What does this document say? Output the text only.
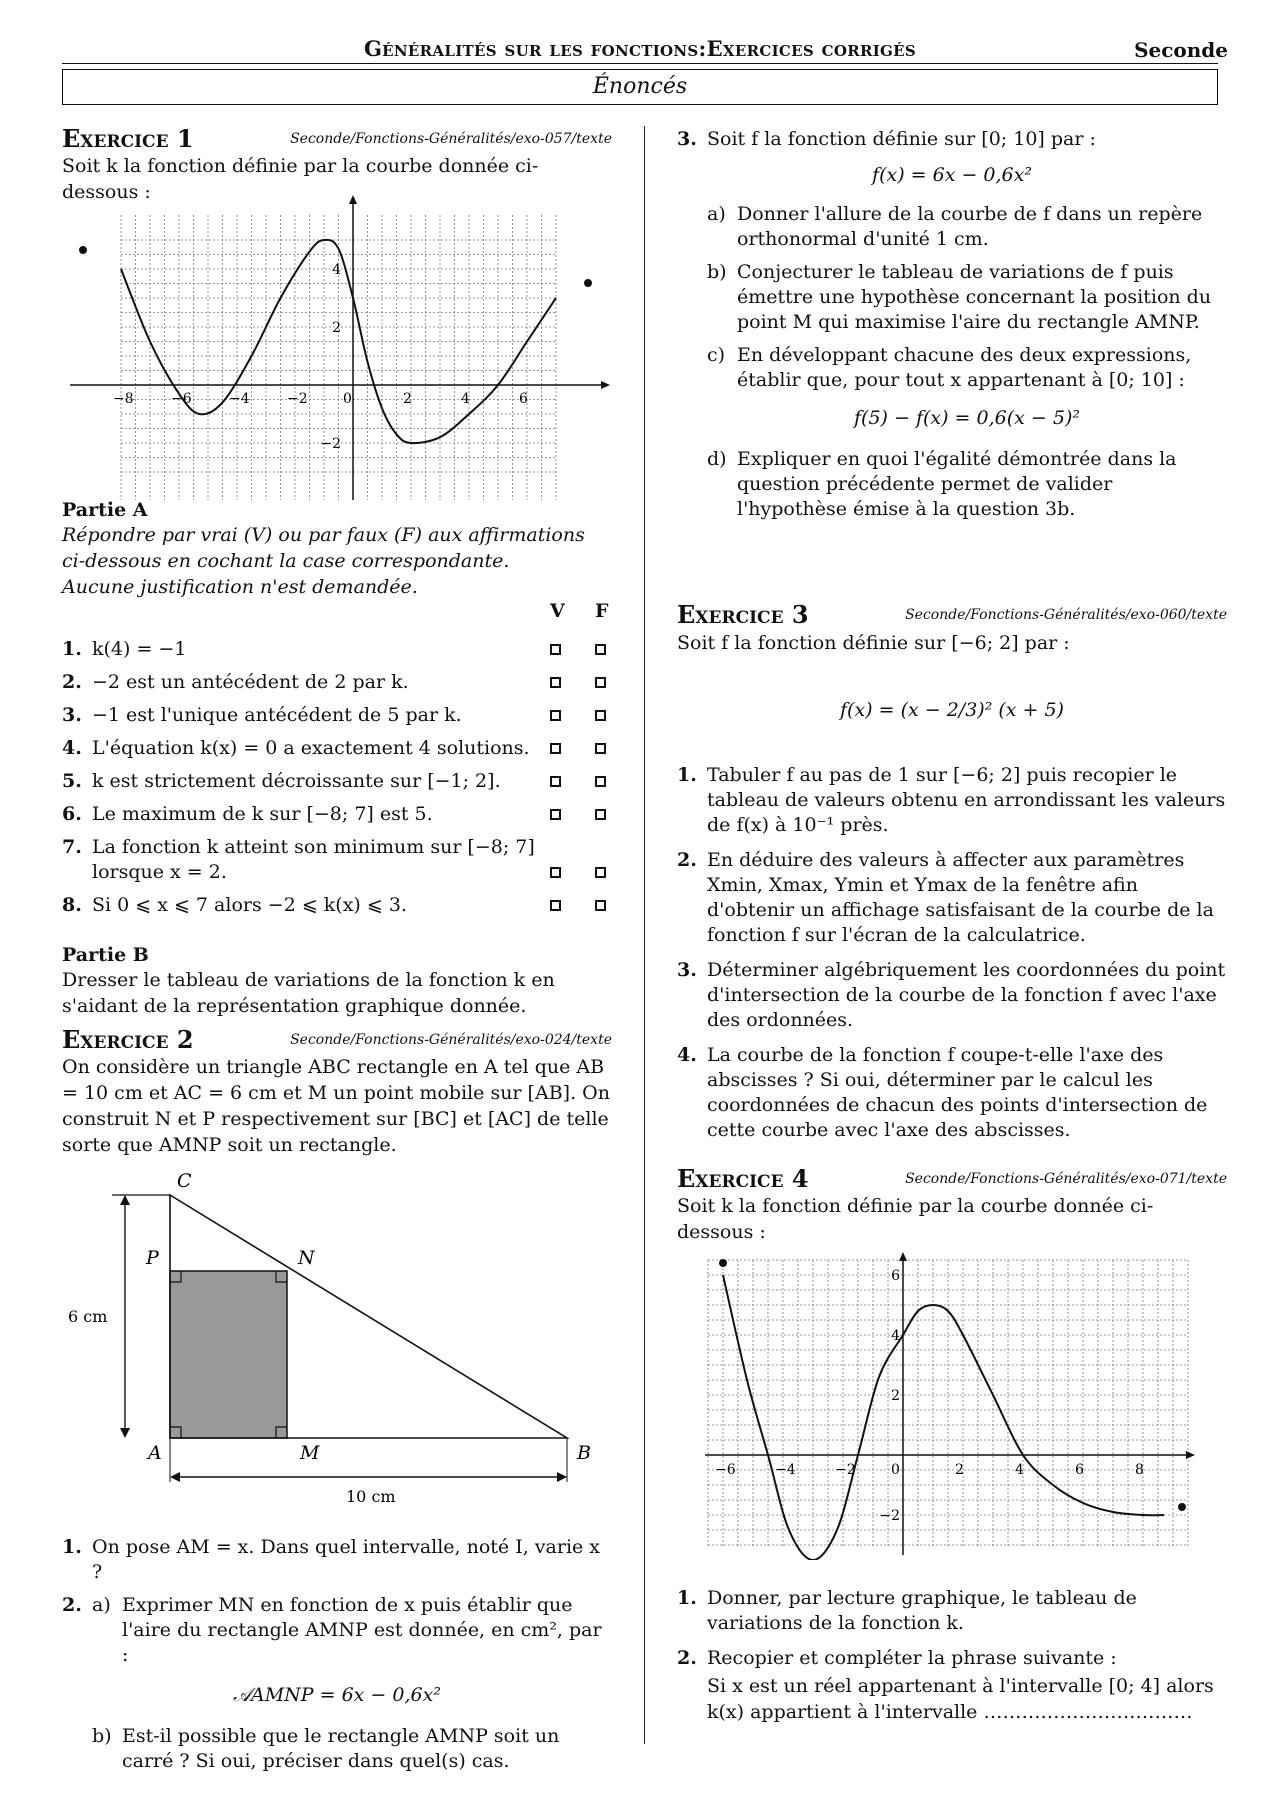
Généralités sur les fonctions:Exercices corrigés	Seconde
Énoncés
Exercice 1	Seconde/Fonctions-Généralités/exo-057/texte

Soit k la fonction définie par la courbe donnée ci-dessous :

−8	−6	−4	−2	0	2	4	6
4
2
−2

Partie A

Répondre par vrai (V) ou par faux (F) aux affirmations ci-dessous en cochant la case correspondante.

Aucune justification n'est demandée.

V F
1. k(4) = −1
2. −2 est un antécédent de 2 par k.
3. −1 est l'unique antécédent de 5 par k.
4. L'équation k(x) = 0 a exactement 4 solutions.
5. k est strictement décroissante sur [−1; 2].
6. Le maximum de k sur [−8; 7] est 5.
7. La fonction k atteint son minimum sur [−8; 7] lorsque x = 2.
8. Si 0 ⩽ x ⩽ 7 alors −2 ⩽ k(x) ⩽ 3.

Partie B

Dresser le tableau de variations de la fonction k en s'aidant de la représentation graphique donnée.

Exercice 2	Seconde/Fonctions-Généralités/exo-024/texte

On considère un triangle ABC rectangle en A tel que AB = 10 cm et AC = 6 cm et M un point mobile sur [AB]. On construit N et P respectivement sur [BC] et [AC] de telle sorte que AMNP soit un rectangle.

C
P	N
A	M	B
6 cm
10 cm
1. On pose AM = x. Dans quel intervalle, noté I, varie x ?
2. a) Exprimer MN en fonction de x puis établir que l'aire du rectangle AMNP est donnée, en cm², par :

𝒜AMNP = 6x − 0,6x²

b) Est-il possible que le rectangle AMNP soit un carré ? Si oui, préciser dans quel(s) cas.
3. Soit f la fonction définie sur [0; 10] par :

f(x) = 6x − 0,6x²

a) Donner l'allure de la courbe de f dans un repère orthonormal d'unité 1 cm.
b) Conjecturer le tableau de variations de f puis émettre une hypothèse concernant la position du point M qui maximise l'aire du rectangle AMNP.
c) En développant chacune des deux expressions, établir que, pour tout x appartenant à [0; 10] :

f(5) − f(x) = 0,6(x − 5)²

d) Expliquer en quoi l'égalité démontrée dans la question précédente permet de valider l'hypothèse émise à la question 3b.
Exercice 3	Seconde/Fonctions-Généralités/exo-060/texte

Soit f la fonction définie sur [−6; 2] par :

f(x) = (x − 2/3)² (x + 5)

1. Tabuler f au pas de 1 sur [−6; 2] puis recopier le tableau de valeurs obtenu en arrondissant les valeurs de f(x) à 10⁻¹ près.
2. En déduire des valeurs à affecter aux paramètres Xmin, Xmax, Ymin et Ymax de la fenêtre afin d'obtenir un affichage satisfaisant de la courbe de la fonction f sur l'écran de la calculatrice.
3. Déterminer algébriquement les coordonnées du point d'intersection de la courbe de la fonction f avec l'axe des ordonnées.
4. La courbe de la fonction f coupe-t-elle l'axe des abscisses ? Si oui, déterminer par le calcul les coordonnées de chacun des points d'intersection de cette courbe avec l'axe des abscisses.
Exercice 4	Seconde/Fonctions-Généralités/exo-071/texte

Soit k la fonction définie par la courbe donnée ci-dessous :

−6	−4	−2	0	2	4	6	8
6
4
2
−2
1. Donner, par lecture graphique, le tableau de variations de la fonction k.
2. Recopier et compléter la phrase suivante :

Si x est un réel appartenant à l'intervalle [0; 4] alors k(x) appartient à l'intervalle ……………………………
